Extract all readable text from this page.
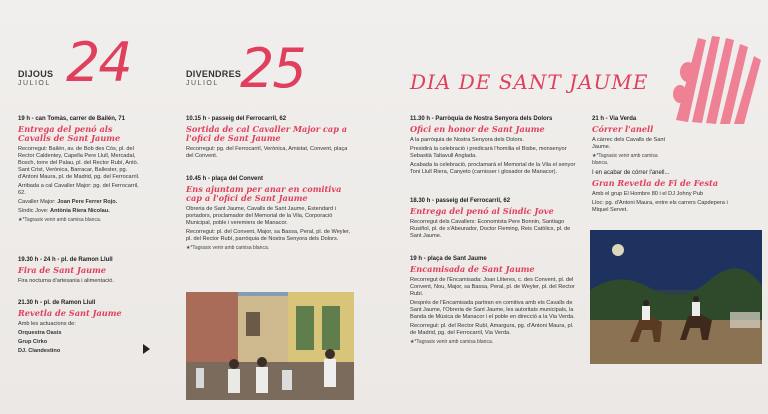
DIJOUS
JULIOL 24
19 h - can Tomàs, carrer de Bailén, 71
Entrega del penó als Cavalls de Sant Jaume

Recorregut: Bailén, av. de Bob des Cós, pl. del Rector Caldentey, Capella Pere Llull, Mercadal, Bosch, torre del Palau, pl. del Rector Rubí, Antò. Sant Crist, Verònica, Barracar, Ballester, pg. d'Antoni Maura, pl. de Madrid, pg. del Ferrocarril.

Arribada a cal Cavaller Major: pg. del Ferrocarril, 62.

Cavaller Major: Joan Pere Ferrer Rojo.

Síndic Jove: Antònia Riera Nicolau.

★ *Tagrasix venir amb camisa blanca.
19.30 h - 24 h - pl. de Ramon Llull
Fira de Sant Jaume

Fira nocturna d'artesania i alimentació.

21.30 h - pl. de Ramon Llull
Revetla de Sant Jaume

Amb les actuacions de:

Orquestra Oasis

Grup Cirko

DJ. Clandestino

DIVENDRES
JULIOL 25
10.15 h - passeig del Ferrocarril, 62
Sortida de cal Cavaller Major cap a l'ofici de Sant Jaume

Recorregut: pg. del Ferrocarril, Verònica, Amistat, Convent, plaça del Convent.

10.45 h - plaça del Convent
Ens ajuntam per anar en comitiva cap a l'ofici de Sant Jaume

Obreria de Sant Jaume, Cavalls de Sant Jaume, Estendard i portadors, proclamador del Memorial de la Vila, Corporació Municipal, poble i veremiers de Manacor.

Recorregut: pl. del Convent, Major, sa Bassa, Peral, pl. de Weyler, pl. del Rector Rubí, parròquia de Nostra Senyora dels Dolors.

★ *Tagrasix venir amb camisa blanca.
DIA DE SANT JAUME
11.30 h - Parròquia de Nostra Senyora dels Dolors
Ofici en honor de Sant Jaume

A la parròquia de Nostra Senyora dels Dolors.

Presidirà la celebració i predicarà l'homilia el Bisbe, monsenyor Sebastià Taltavull Anglada.

Acabada la celebració, proclamarà el Memorial de la Vila el senyor Toni Llull Riera, Canyeto (carnisser i glosador de Manacor).

18.30 h - passeig del Ferrocarril, 62
Entrega del penó al Síndic Jove

Recorregut dels Cavallers: Economista Pere Bonnin, Santiago Rusiñol, pl. de s'Abeurador, Doctor Fleming, Reis Catòlics, pl. de Sant Jaume.

19 h - plaça de Sant Jaume
Encamisada de Sant Jaume

Recorregut de l'Encamisada: Joan Lliteres, c. des Convent, pl. del Convent, Nou, Major, sa Bassa, Peral, pl. de Weyler, pl. del Rector Rubí.

Després de l'Encamisada partiran en comitiva amb els Cavalls de Sant Jaume, l'Obreria de Sant Jaume, les autoritats municipals, la Banda de Música de Manacor i el poble en direcció a la Via Verda.

Recorregut: pl. del Rector Rubí, Amargura, pg. d'Antoni Maura, pl. de Madrid, pg. del Ferrocarril, Via Verda.

★ *Tagrasix venir amb camisa blanca.
21 h - Via Verda
Córrer l'anell

A càrrec dels Cavalls de Sant Jaume.

★ *Tagrasix venir amb camisa blanca.
I en acabar de córrer l'anell...
Gran Revetla de Fi de Festa

Amb el grup El Hombre 80 i el DJ Johny Pub

Lloc: pg. d'Antoni Maura, entre els carrers Capdepera i Miquel Servet.
